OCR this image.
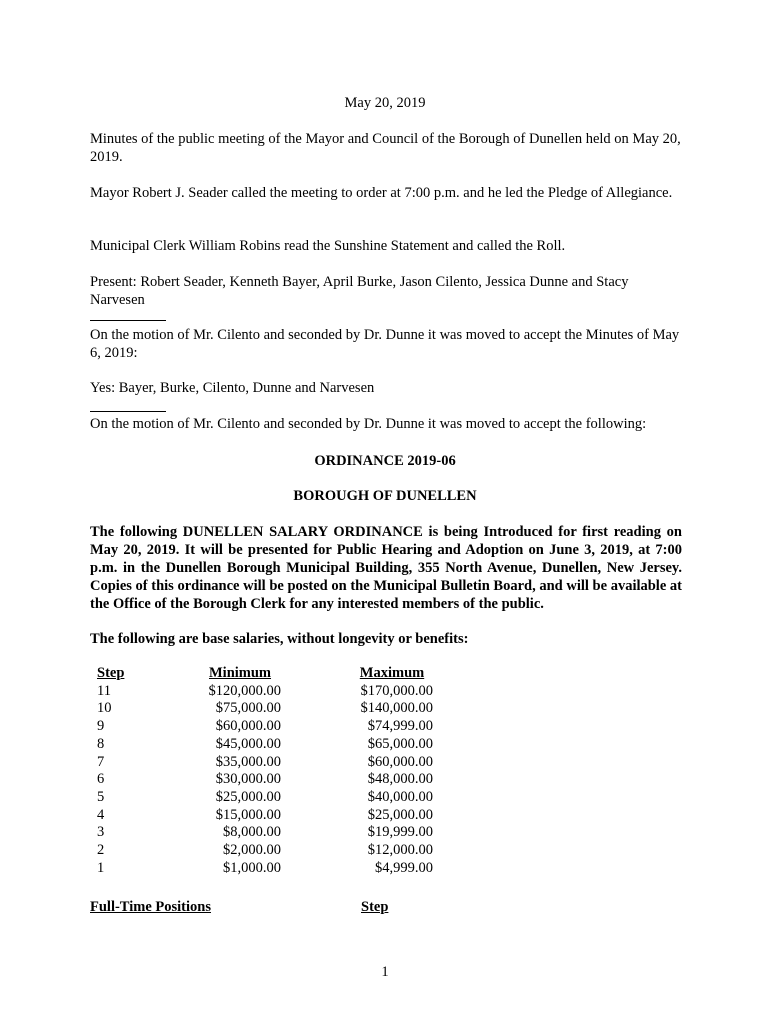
May 20, 2019
Minutes of the public meeting of the Mayor and Council of the Borough of Dunellen held on May 20, 2019.
Mayor Robert J. Seader called the meeting to order at 7:00 p.m. and he led the Pledge of Allegiance.
Municipal Clerk William Robins read the Sunshine Statement and called the Roll.
Present: Robert Seader, Kenneth Bayer, April Burke, Jason Cilento, Jessica Dunne and Stacy Narvesen
On the motion of Mr. Cilento and seconded by Dr. Dunne it was moved to accept the Minutes of May 6, 2019:
Yes: Bayer, Burke, Cilento, Dunne and Narvesen
On the motion of Mr. Cilento and seconded by Dr. Dunne it was moved to accept the following:
ORDINANCE 2019-06
BOROUGH OF DUNELLEN
The following DUNELLEN SALARY ORDINANCE is being Introduced for first reading on May 20, 2019. It will be presented for Public Hearing and Adoption on June 3, 2019, at 7:00 p.m. in the Dunellen Borough Municipal Building, 355 North Avenue, Dunellen, New Jersey. Copies of this ordinance will be posted on the Municipal Bulletin Board, and will be available at the Office of the Borough Clerk for any interested members of the public.
The following are base salaries, without longevity or benefits:
Step	Minimum		Maximum
11	$120,000.00		$170,000.00
10	$75,000.00		$140,000.00
9	$60,000.00		$74,999.00
8	$45,000.00		$65,000.00
7	$35,000.00		$60,000.00
6	$30,000.00		$48,000.00
5	$25,000.00		$40,000.00
4	$15,000.00		$25,000.00
3	$8,000.00		$19,999.00
2	$2,000.00		$12,000.00
1	$1,000.00		$4,999.00
Full-Time Positions	Step
1
